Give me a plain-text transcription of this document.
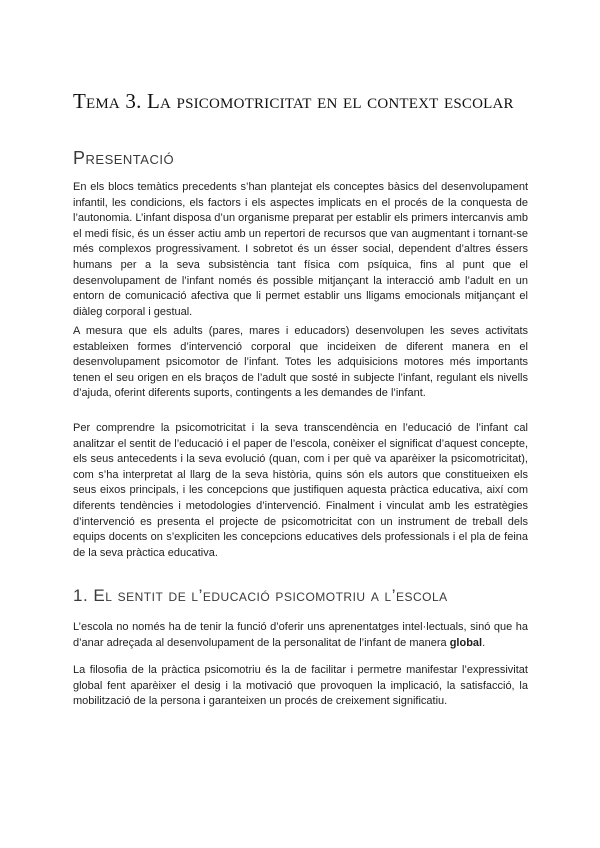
Tema 3. La psicomotricitat en el context escolar
Presentació

En els blocs temàtics precedents s’han plantejat els conceptes bàsics del desenvolupament infantil, les condicions, els factors i els aspectes implicats en el procés de la conquesta de l’autonomia. L’infant disposa d’un organisme preparat per establir els primers intercanvis amb el medi físic, és un ésser actiu amb un repertori de recursos que van augmentant i tornant-se més complexos progressivament. I sobretot és un ésser social, dependent d’altres éssers humans per a la seva subsistència tant física com psíquica, fins al punt que el desenvolupament de l’infant només és possible mitjançant la interacció amb l’adult en un entorn de comunicació afectiva que li permet establir uns lligams emocionals mitjançant el diàleg corporal i gestual.

A mesura que els adults (pares, mares i educadors) desenvolupen les seves activitats estableixen formes d’intervenció corporal que incideixen de diferent manera en el desenvolupament psicomotor de l’infant. Totes les adquisicions motores més importants tenen el seu origen en els braços de l’adult que sosté in subjecte l’infant, regulant els nivells d’ajuda, oferint diferents suports, contingents a les demandes de l’infant.

Per comprendre la psicomotricitat i la seva transcendència en l’educació de l’infant cal analitzar el sentit de l’educació i el paper de l’escola, conèixer el significat d’aquest concepte, els seus antecedents i la seva evolució (quan, com i per què va aparèixer la psicomotricitat), com s’ha interpretat al llarg de la seva història, quins són els autors que constitueixen els seus eixos principals, i les concepcions que justifiquen aquesta pràctica educativa, així com diferents tendències i metodologies d’intervenció. Finalment i vinculat amb les estratègies d’intervenció es presenta el projecte de psicomotricitat con un instrument de treball dels equips docents on s’expliciten les concepcions educatives dels professionals i el pla de feina de la seva pràctica educativa.

1. El sentit de l’educació psicomotriu a l’escola

L’escola no només ha de tenir la funció d’oferir uns aprenentatges intel·lectuals, sinó que ha d’anar adreçada al desenvolupament de la personalitat de l’infant de manera global.

La filosofia de la pràctica psicomotriu és la de facilitar i permetre manifestar l’expressivitat global fent aparèixer el desig i la motivació que provoquen la implicació, la satisfacció, la mobilització de la persona i garanteixen un procés de creixement significatiu.
